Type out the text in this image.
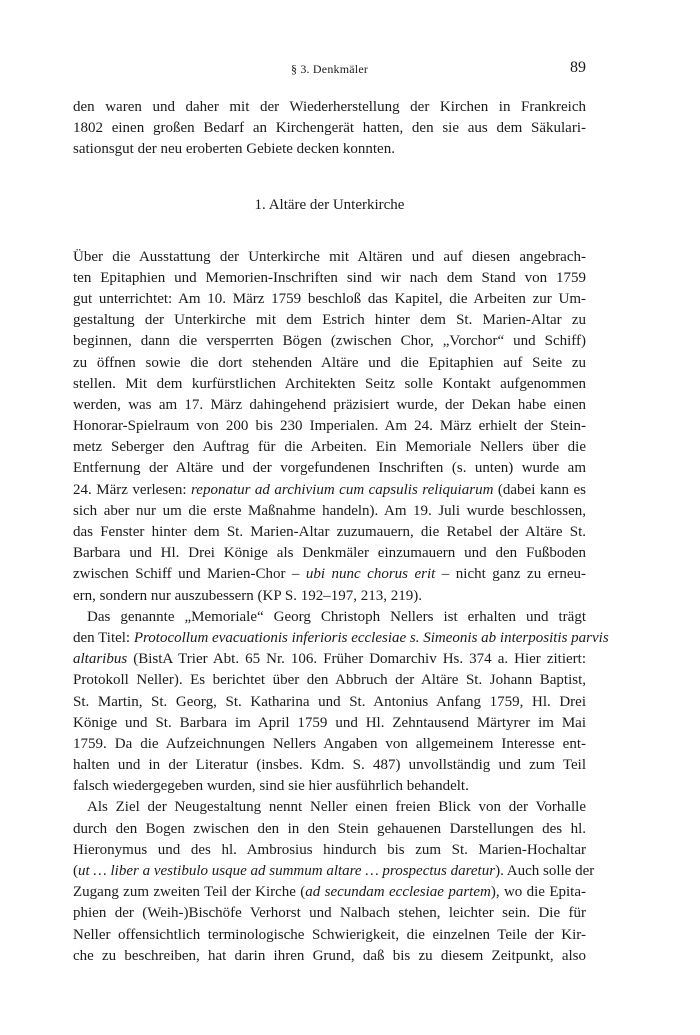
§ 3. Denkmäler	89
den waren und daher mit der Wiederherstellung der Kirchen in Frankreich
1802 einen großen Bedarf an Kirchengerät hatten, den sie aus dem Säkulari-
sationsgut der neu eroberten Gebiete decken konnten.
1. Altäre der Unterkirche
Über die Ausstattung der Unterkirche mit Altären und auf diesen angebrach-
ten Epitaphien und Memorien-Inschriften sind wir nach dem Stand von 1759
gut unterrichtet: Am 10. März 1759 beschloß das Kapitel, die Arbeiten zur Um-
gestaltung der Unterkirche mit dem Estrich hinter dem St. Marien-Altar zu
beginnen, dann die versperrten Bögen (zwischen Chor, „Vorchor“ und Schiff)
zu öffnen sowie die dort stehenden Altäre und die Epitaphien auf Seite zu
stellen. Mit dem kurfürstlichen Architekten Seitz solle Kontakt aufgenommen
werden, was am 17. März dahingehend präzisiert wurde, der Dekan habe einen
Honorar-Spielraum von 200 bis 230 Imperialen. Am 24. März erhielt der Stein-
metz Seberger den Auftrag für die Arbeiten. Ein Memoriale Nellers über die
Entfernung der Altäre und der vorgefundenen Inschriften (s. unten) wurde am
24. März verlesen: reponatur ad archivium cum capsulis reliquiarum (dabei kann es
sich aber nur um die erste Maßnahme handeln). Am 19. Juli wurde beschlossen,
das Fenster hinter dem St. Marien-Altar zuzumauern, die Retabel der Altäre St.
Barbara und Hl. Drei Könige als Denkmäler einzumauern und den Fußboden
zwischen Schiff und Marien-Chor – ubi nunc chorus erit – nicht ganz zu erneu-
ern, sondern nur auszubessern (KP S. 192–197, 213, 219).
Das genannte „Memoriale“ Georg Christoph Nellers ist erhalten und trägt
den Titel: Protocollum evacuationis inferioris ecclesiae s. Simeonis ab interpositis parvis
altaribus (BistA Trier Abt. 65 Nr. 106. Früher Domarchiv Hs. 374 a. Hier zitiert:
Protokoll Neller). Es berichtet über den Abbruch der Altäre St. Johann Baptist,
St. Martin, St. Georg, St. Katharina und St. Antonius Anfang 1759, Hl. Drei
Könige und St. Barbara im April 1759 und Hl. Zehntausend Märtyrer im Mai
1759. Da die Aufzeichnungen Nellers Angaben von allgemeinem Interesse ent-
halten und in der Literatur (insbes. Kdm. S. 487) unvollständig und zum Teil
falsch wiedergegeben wurden, sind sie hier ausführlich behandelt.
Als Ziel der Neugestaltung nennt Neller einen freien Blick von der Vorhalle
durch den Bogen zwischen den in den Stein gehauenen Darstellungen des hl.
Hieronymus und des hl. Ambrosius hindurch bis zum St. Marien-Hochaltar
(ut … liber a vestibulo usque ad summum altare … prospectus daretur). Auch solle der
Zugang zum zweiten Teil der Kirche (ad secundam ecclesiae partem), wo die Epita-
phien der (Weih-)Bischöfe Verhorst und Nalbach stehen, leichter sein. Die für
Neller offensichtlich terminologische Schwierigkeit, die einzelnen Teile der Kir-
che zu beschreiben, hat darin ihren Grund, daß bis zu diesem Zeitpunkt, also
